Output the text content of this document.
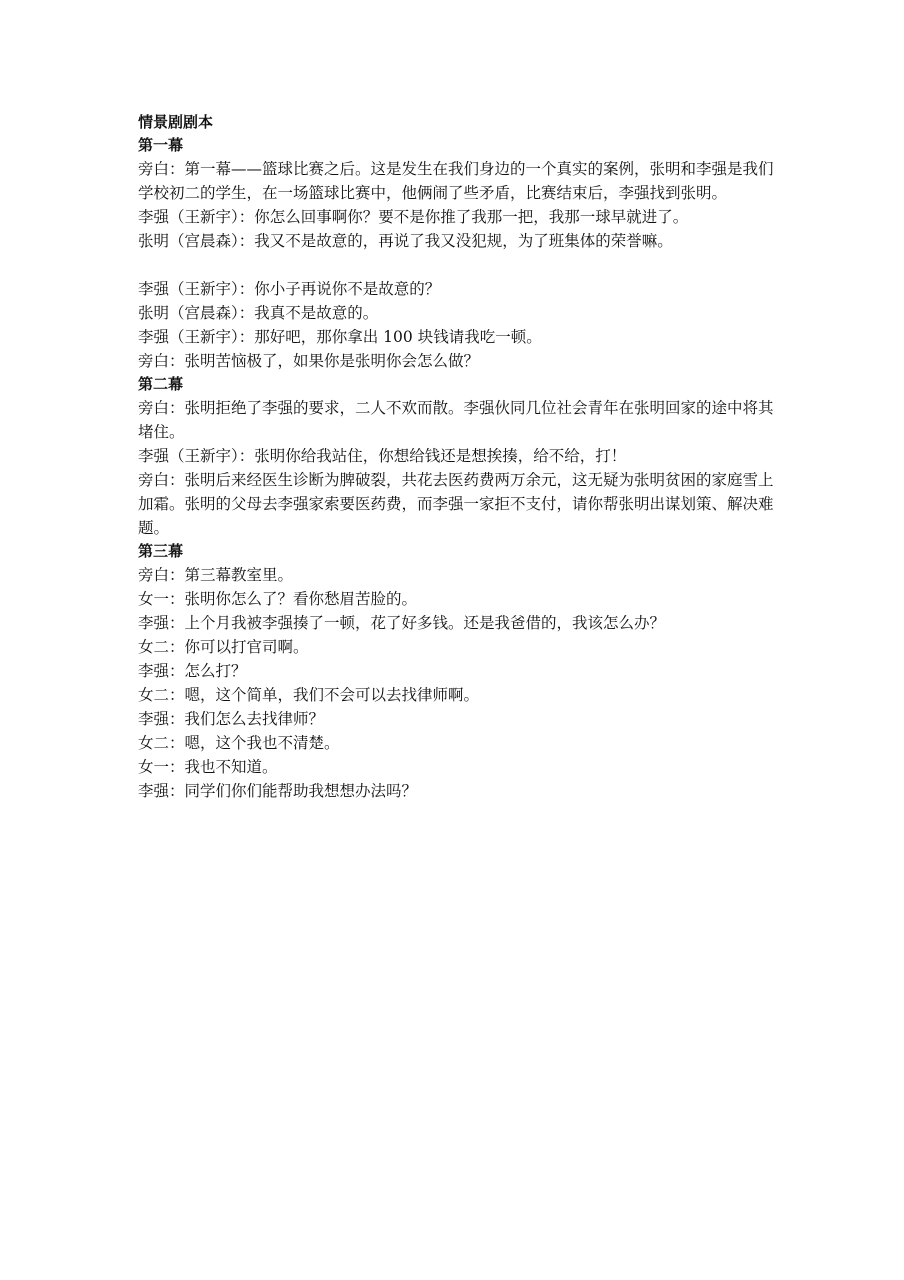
情景剧剧本
第一幕
旁白：第一幕——篮球比赛之后。这是发生在我们身边的一个真实的案例，张明和李强是我们学校初二的学生，在一场篮球比赛中，他俩闹了些矛盾，比赛结束后，李强找到张明。
李强（王新宇）：你怎么回事啊你？要不是你推了我那一把，我那一球早就进了。
张明（宫晨森）：我又不是故意的，再说了我又没犯规，为了班集体的荣誉嘛。
李强（王新宇）：你小子再说你不是故意的？
张明（宫晨森）：我真不是故意的。
李强（王新宇）：那好吧，那你拿出 100 块钱请我吃一顿。
旁白：张明苦恼极了，如果你是张明你会怎么做？
第二幕
旁白：张明拒绝了李强的要求，二人不欢而散。李强伙同几位社会青年在张明回家的途中将其堵住。
李强（王新宇）：张明你给我站住，你想给钱还是想挨揍，给不给，打！
旁白：张明后来经医生诊断为脾破裂，共花去医药费两万余元，这无疑为张明贫困的家庭雪上加霜。张明的父母去李强家索要医药费，而李强一家拒不支付，请你帮张明出谋划策、解决难题。
第三幕
旁白：第三幕教室里。
女一：张明你怎么了？看你愁眉苦脸的。
李强：上个月我被李强揍了一顿，花了好多钱。还是我爸借的，我该怎么办？
女二：你可以打官司啊。
李强：怎么打？
女二：嗯，这个简单，我们不会可以去找律师啊。
李强：我们怎么去找律师？
女二：嗯，这个我也不清楚。
女一：我也不知道。
李强：同学们你们能帮助我想想办法吗？
